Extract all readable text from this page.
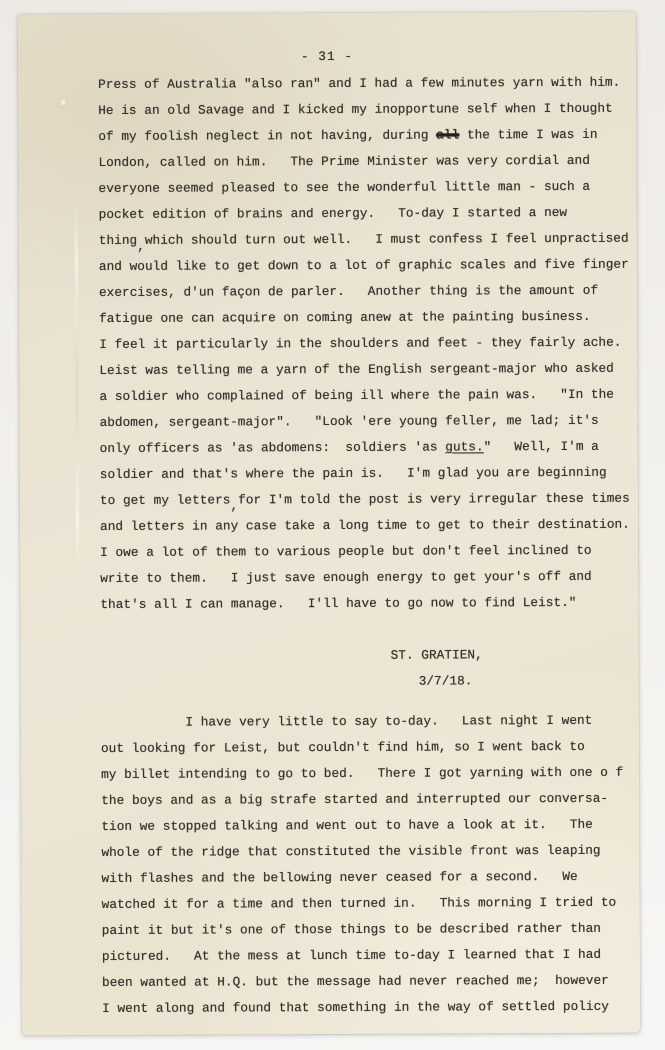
- 31 -
Press of Australia "also ran" and I had a few minutes yarn with him.
He is an old Savage and I kicked my inopportune self when I thought
of my foolish neglect in not having, during all the time I was in
London, called on him.   The Prime Minister was very cordial and
everyone seemed pleased to see the wonderful little man - such a
pocket edition of brains and energy.   To-day I started a new
thing,which should turn out well.   I must confess I feel unpractised
and would like to get down to a lot of graphic scales and five finger
exercises, d'un façon de parler.   Another thing is the amount of
fatigue one can acquire on coming anew at the painting business.
I feel it particularly in the shoulders and feet - they fairly ache.
Leist was telling me a yarn of the English sergeant-major who asked
a soldier who complained of being ill where the pain was.   "In the
abdomen, sergeant-major".   "Look 'ere young feller, me lad; it's
only officers as 'as abdomens:  soldiers 'as guts."   Well, I'm a
soldier and that's where the pain is.   I'm glad you are beginning
to get my letters,for I'm told the post is very irregular these times
and letters in any case take a long time to get to their destination.
I owe a lot of them to various people but don't feel inclined to
write to them.   I just save enough energy to get your's off and
that's all I can manage.   I'll have to go now to find Leist."
ST. GRATIEN,
3/7/18.
I have very little to say to-day.   Last night I went
out looking for Leist, but couldn't find him, so I went back to
my billet intending to go to bed.   There I got yarning with one o f
the boys and as a big strafe started and interrupted our conversa-
tion we stopped talking and went out to have a look at it.   The
whole of the ridge that constituted the visible front was leaping
with flashes and the bellowing never ceased for a second.   We
watched it for a time and then turned in.   This morning I tried to
paint it but it's one of those things to be described rather than
pictured.   At the mess at lunch time to-day I learned that I had
been wanted at H.Q. but the message had never reached me;  however
I went along and found that something in the way of settled policy
